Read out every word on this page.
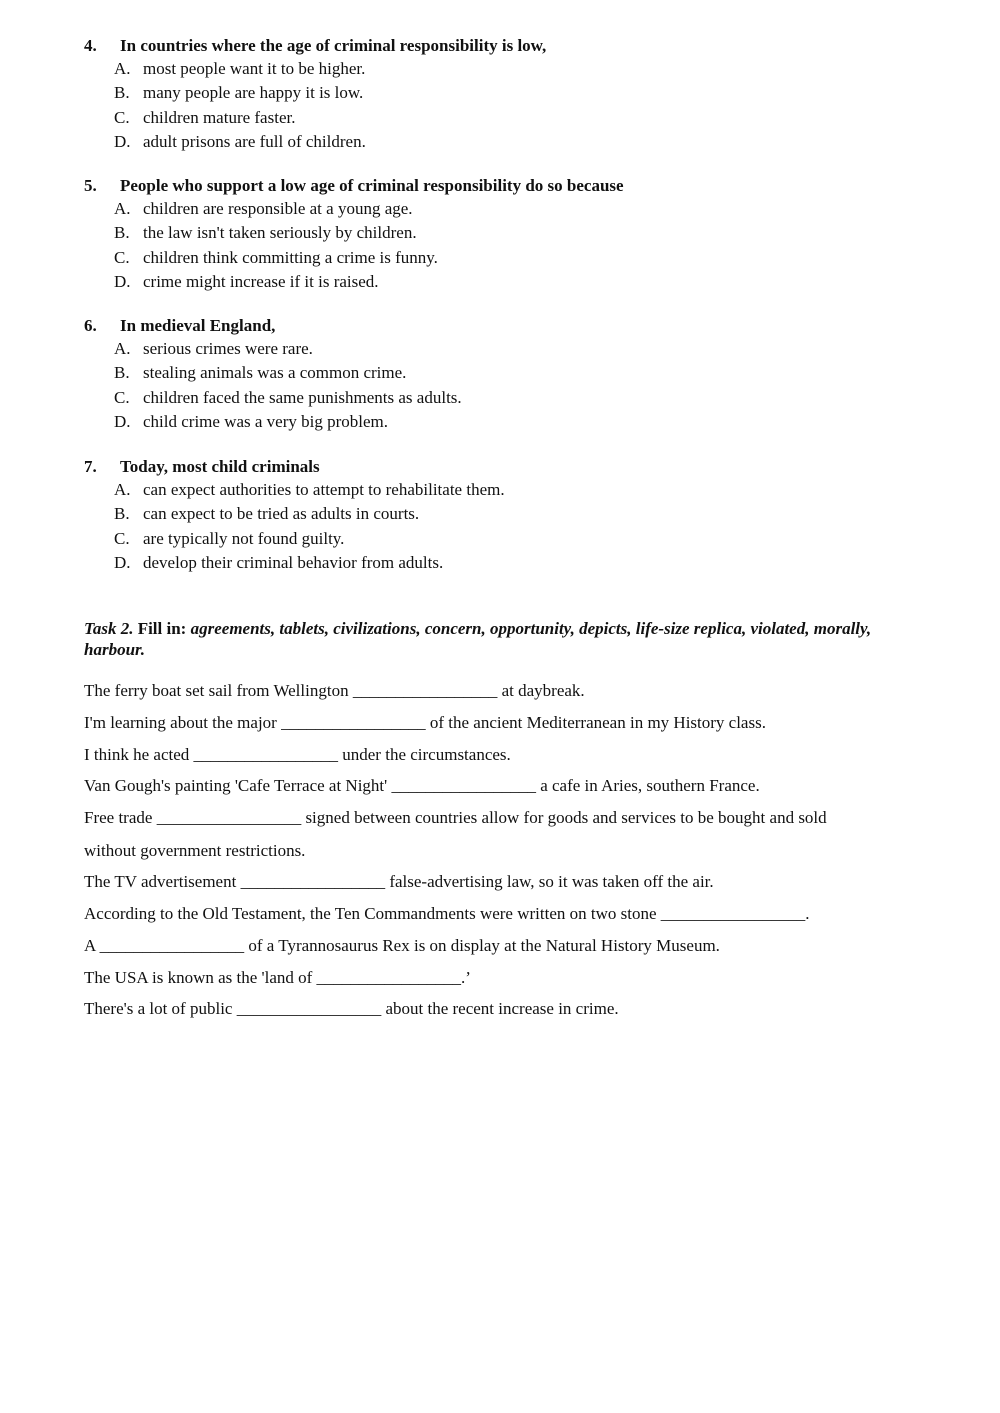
4. In countries where the age of criminal responsibility is low,
A. most people want it to be higher.
B. many people are happy it is low.
C. children mature faster.
D. adult prisons are full of children.
5. People who support a low age of criminal responsibility do so because
A. children are responsible at a young age.
B. the law isn't taken seriously by children.
C. children think committing a crime is funny.
D. crime might increase if it is raised.
6. In medieval England,
A. serious crimes were rare.
B. stealing animals was a common crime.
C. children faced the same punishments as adults.
D. child crime was a very big problem.
7. Today, most child criminals
A. can expect authorities to attempt to rehabilitate them.
B. can expect to be tried as adults in courts.
C. are typically not found guilty.
D. develop their criminal behavior from adults.
Task 2. Fill in: agreements, tablets, civilizations, concern, opportunity, depicts, life-size replica, violated, morally, harbour.
The ferry boat set sail from Wellington _________________ at daybreak.
I'm learning about the major _________________ of the ancient Mediterranean in my History class.
I think he acted _________________ under the circumstances.
Van Gough's painting 'Cafe Terrace at Night' _________________ a cafe in Aries, southern France.
Free trade _________________ signed between countries allow for goods and services to be bought and sold
without government restrictions.
The TV advertisement _________________ false-advertising law, so it was taken off the air.
According to the Old Testament, the Ten Commandments were written on two stone _________________.
A _________________ of a Tyrannosaurus Rex is on display at the Natural History Museum.
The USA is known as the 'land of _________________.’
There's a lot of public _________________ about the recent increase in crime.
